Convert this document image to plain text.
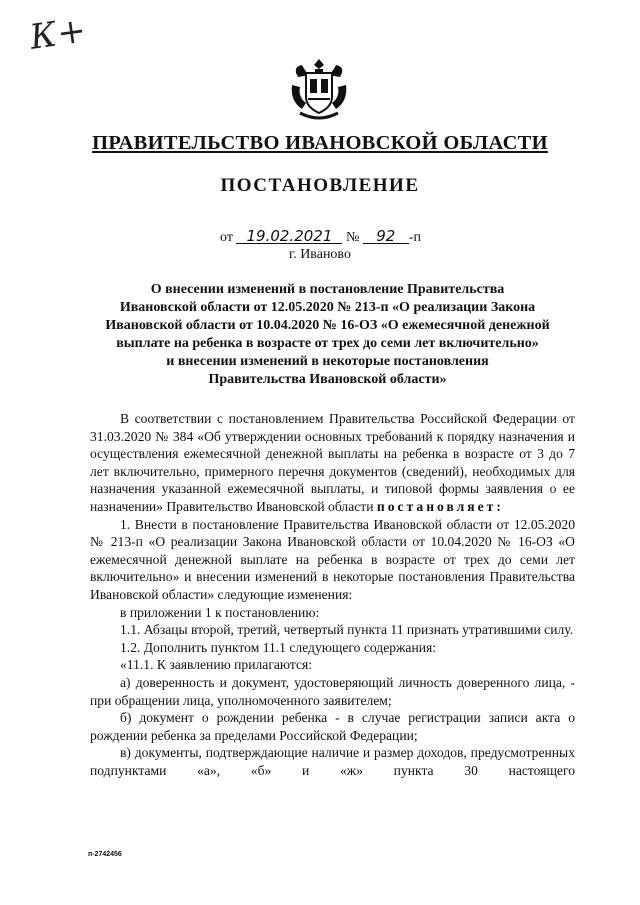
К+
ПРАВИТЕЛЬСТВО ИВАНОВСКОЙ ОБЛАСТИ
ПОСТАНОВЛЕНИЕ
от 19.02.2021 № 92 -п
г. Иваново
О внесении изменений в постановление Правительства
Ивановской области от 12.05.2020 № 213-п «О реализации Закона
Ивановской области от 10.04.2020 № 16-ОЗ «О ежемесячной денежной
выплате на ребенка в возрасте от трех до семи лет включительно»
и внесении изменений в некоторые постановления
Правительства Ивановской области»

В соответствии с постановлением Правительства Российской Федерации от 31.03.2020 № 384 «Об утверждении основных требований к порядку назначения и осуществления ежемесячной денежной выплаты на ребенка в возрасте от 3 до 7 лет включительно, примерного перечня документов (сведений), необходимых для назначения указанной ежемесячной выплаты, и типовой формы заявления о ее назначении» Правительство Ивановской области постановляет:

1. Внести в постановление Правительства Ивановской области от 12.05.2020 № 213-п «О реализации Закона Ивановской области от 10.04.2020 № 16-ОЗ «О ежемесячной денежной выплате на ребенка в возрасте от трех до семи лет включительно» и внесении изменений в некоторые постановления Правительства Ивановской области» следующие изменения:

в приложении 1 к постановлению:

1.1. Абзацы второй, третий, четвертый пункта 11 признать утратившими силу.

1.2. Дополнить пунктом 11.1 следующего содержания:

«11.1. К заявлению прилагаются:

а) доверенность и документ, удостоверяющий личность доверенного лица, - при обращении лица, уполномоченного заявителем;

б) документ о рождении ребенка - в случае регистрации записи акта о рождении ребенка за пределами Российской Федерации;

в) документы, подтверждающие наличие и размер доходов, предусмотренных подпунктами «а», «б» и «ж» пункта 30 настоящего

п-2742456
